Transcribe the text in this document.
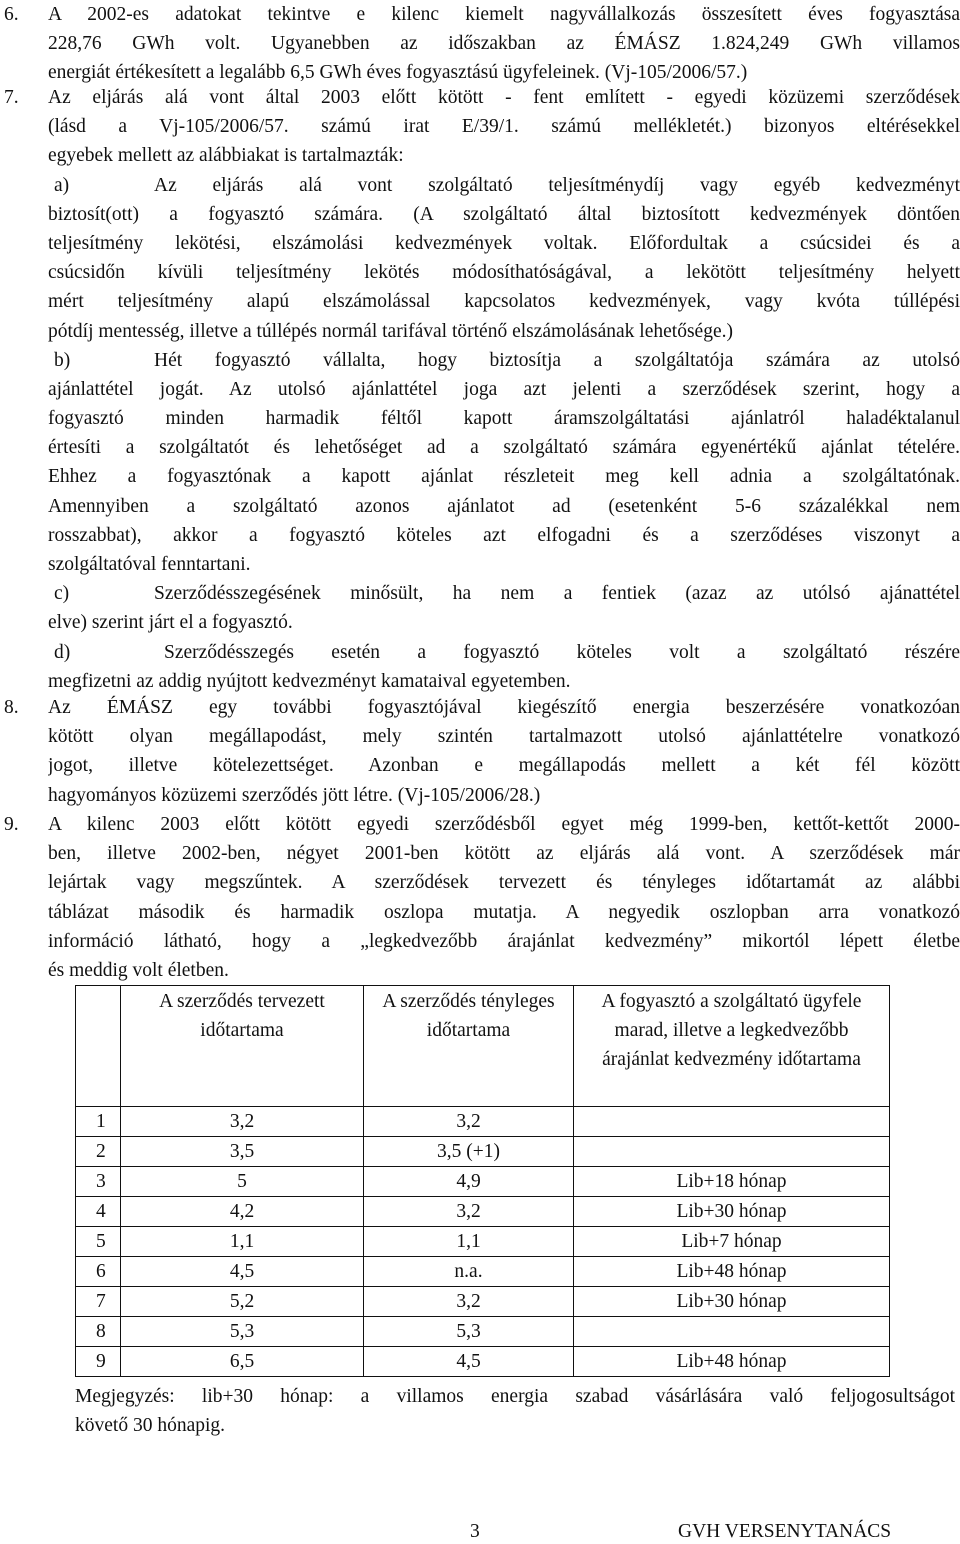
6.	A 2002-es adatokat tekintve e kilenc kiemelt nagyvállalkozás összesített éves fogyasztása
228,76 GWh volt. Ugyanebben az időszakban az ÉMÁSZ 1.824,249 GWh villamos
energiát értékesített a legalább 6,5 GWh éves fogyasztású ügyfeleinek. (Vj-105/2006/57.)
7.	Az eljárás alá vont által 2003 előtt kötött - fent említett - egyedi közüzemi szerződések
(lásd a Vj-105/2006/57. számú irat E/39/1. számú mellékletét.) bizonyos eltérésekkel
egyebek mellett az alábbiakat is tartalmazták:
a)	Az eljárás alá vont szolgáltató teljesítménydíj vagy egyéb kedvezményt
biztosít(ott) a fogyasztó számára. (A szolgáltató által biztosított kedvezmények döntően
teljesítmény lekötési, elszámolási kedvezmények voltak. Előfordultak a csúcsidei és a
csúcsidőn kívüli teljesítmény lekötés módosíthatóságával, a lekötött teljesítmény helyett
mért teljesítmény alapú elszámolással kapcsolatos kedvezmények, vagy kvóta túllépési
pótdíj mentesség, illetve a túllépés normál tarifával történő elszámolásának lehetősége.)
b)	Hét fogyasztó vállalta, hogy biztosítja a szolgáltatója számára az utolsó
ajánlattétel jogát. Az utolsó ajánlattétel joga azt jelenti a szerződések szerint, hogy a
fogyasztó minden harmadik féltől kapott áramszolgáltatási ajánlatról haladéktalanul
értesíti a szolgáltatót és lehetőséget ad a szolgáltató számára egyenértékű ajánlat tételére.
Ehhez a fogyasztónak a kapott ajánlat részleteit meg kell adnia a szolgáltatónak.
Amennyiben a szolgáltató azonos ajánlatot ad (esetenként 5-6 százalékkal nem
rosszabbat), akkor a fogyasztó köteles azt elfogadni és a szerződéses viszonyt a
szolgáltatóval fenntartani.
c)	Szerződésszegésének minősült, ha nem a fentiek (azaz az utólsó ajánattétel
elve) szerint járt el a fogyasztó.
d)	Szerződésszegés esetén a fogyasztó köteles volt a szolgáltató részére
megfizetni az addig nyújtott kedvezményt kamataival egyetemben.
8.	Az ÉMÁSZ egy további fogyasztójával kiegészítő energia beszerzésére vonatkozóan
kötött olyan megállapodást, mely szintén tartalmazott utolsó ajánlattételre vonatkozó
jogot, illetve kötelezettséget. Azonban e megállapodás mellett a két fél között
hagyományos közüzemi szerződés jött létre. (Vj-105/2006/28.)
9.	A kilenc 2003 előtt kötött egyedi szerződésből egyet még 1999-ben, kettőt-kettőt 2000-
ben, illetve 2002-ben, négyet 2001-ben kötött az eljárás alá vont. A szerződések már
lejártak vagy megszűntek. A szerződések tervezett és tényleges időtartamát az alábbi
táblázat második és harmadik oszlopa mutatja. A negyedik oszlopban arra vonatkozó
információ látható, hogy a „legkedvezőbb árajánlat kedvezmény” mikortól lépett életbe
és meddig volt életben.
	A szerződés tervezett időtartama	A szerződés tényleges időtartama	A fogyasztó a szolgáltató ügyfele marad, illetve a legkedvezőbb árajánlat kedvezmény időtartama
1	3,2	3,2	
2	3,5	3,5 (+1)	
3	5	4,9	Lib+18 hónap
4	4,2	3,2	Lib+30 hónap
5	1,1	1,1	Lib+7 hónap
6	4,5	n.a.	Lib+48 hónap
7	5,2	3,2	Lib+30 hónap
8	5,3	5,3	
9	6,5	4,5	Lib+48 hónap
Megjegyzés: lib+30 hónap: a villamos energia szabad vásárlására való feljogosultságot
követő 30 hónapig.
3	GVH VERSENYTANÁCS
